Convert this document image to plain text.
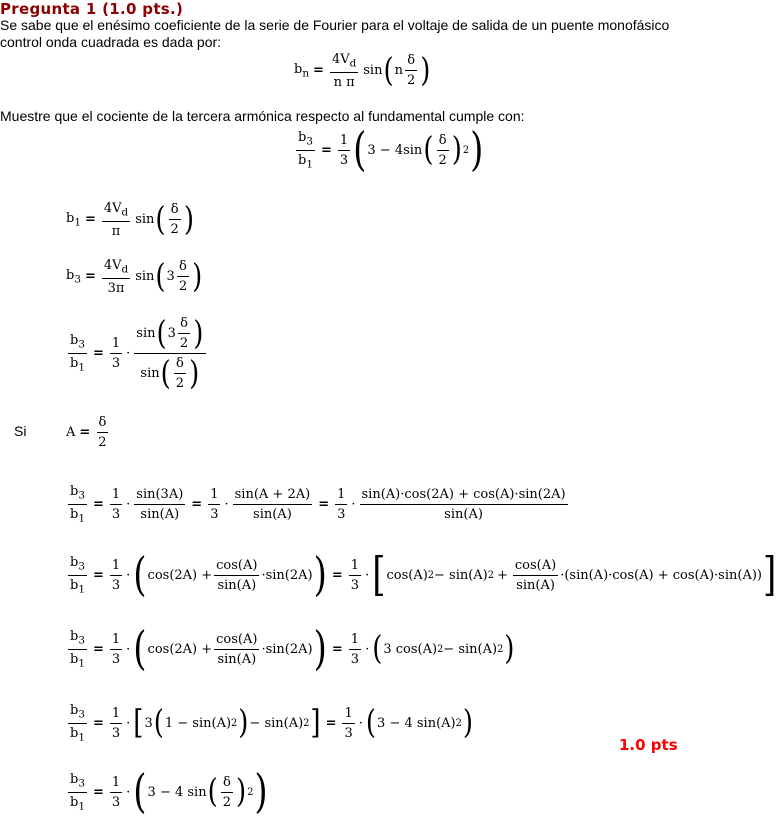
Pregunta 1 (1.0 pts.)
Se sabe que el enésimo coeficiente de la serie de Fourier para el voltaje de salida de un puente monofásico control onda cuadrada es dada por:
$b_n = \frac{4V_d}{\text{n π}}$ sin ( n $\frac{\delta}{2}$ )
Muestre que el cociente de la tercera armónica respecto al fundamental cumple con:
$\frac{b_3}{b_1} = \frac{1}{3}$ ( 3 − 4sin ( $\frac{\delta}{2}$ ) 2 )
$b_1 = \frac{4V_d}{\pi}$ sin ( $\frac{\delta}{2}$ )
$b_3 = \frac{4V_d}{3\pi}$ sin ( $3 \frac{\delta}{2}$ )
$\frac{b_3}{b_1} = \frac{1}{3} \cdot \frac{\sin ( 3 \frac{\delta}{2} )}{\sin ( \frac{\delta}{2} )}$
Si	$A = \frac{\delta}{2}$
$\frac{b_3}{b_1} = \frac{1}{3} \cdot \frac{\sin(3A)}{\sin(A)} = \frac{1}{3} \cdot \frac{\sin(A + 2A)}{\sin(A)} = \frac{1}{3} \cdot \frac{\sin(A)\cdot\cos(2A) + \cos(A)\cdot\sin(2A)}{\sin(A)}$
$\frac{b_3}{b_1} = \frac{1}{3}$ · ( $\cos(2A) + \frac{\cos(A)}{\sin(A)} \cdot\sin(2A)$ ) = $\frac{1}{3}$ · [ cos(A) 2 − sin(A) $2 + \frac{\cos(A)}{\sin(A)} \cdot(\sin(A)\cdot\cos(A) + \cos(A)\cdot\sin(A))$ ]
$\frac{b_3}{b_1} = \frac{1}{3}$ · ( $\cos(2A) + \frac{\cos(A)}{\sin(A)} \cdot\sin(2A)$ ) = $\frac{1}{3}$ · ( 3 cos(A) 2 − sin(A) 2 )
$\frac{b_3}{b_1} = \frac{1}{3}$ · [ 3 ( 1 − sin(A) 2 ) − sin(A) 2 ] = $\frac{1}{3}$ · ( 3 − 4 sin(A) 2 )
1.0 pts
$\frac{b_3}{b_1} = \frac{1}{3}$ · ( 3 − 4 sin ( $\frac{\delta}{2}$ ) 2 )
